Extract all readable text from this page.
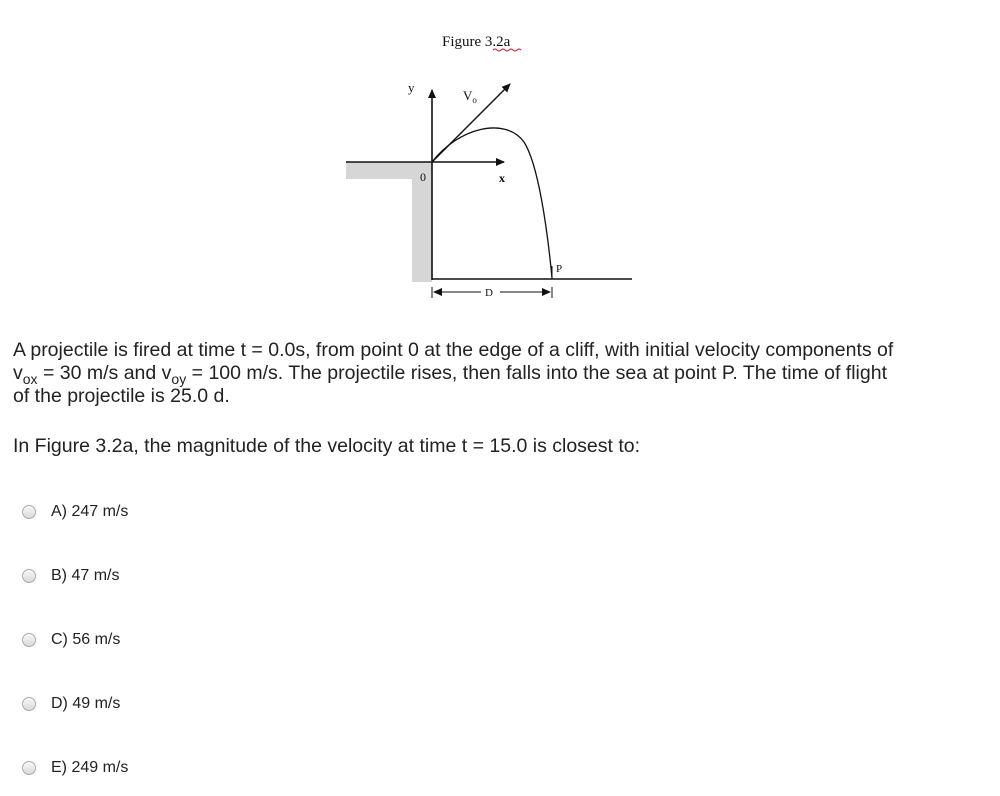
Figure 3.2a
y
x
0
$V_o$
P
D

A projectile is fired at time t = 0.0s, from point 0 at the edge of a cliff, with initial velocity components of

$v_{ox} = 30$ m/s and $v_{oy} = 100$ m/s. The projectile rises, then falls into the sea at point P. The time of flight

of the projectile is 25.0 d.

In Figure 3.2a, the magnitude of the velocity at time t = 15.0 is closest to:
A) 247 m/s
B) 47 m/s
C) 56 m/s
D) 49 m/s
E) 249 m/s
